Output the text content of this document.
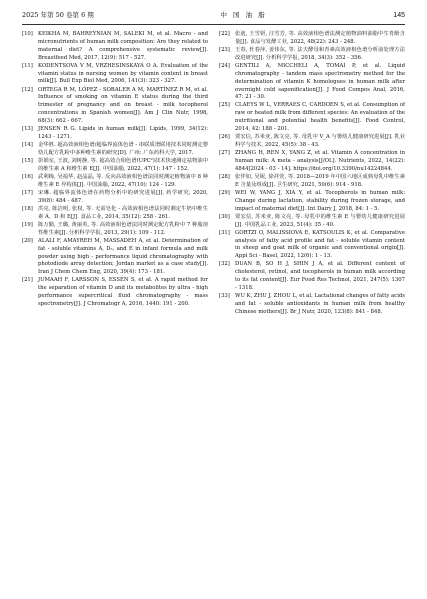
2025 年第 50 卷第 6 期	中 国 油 脂	145
[10] KEIKHA M, BAHREYNIAN M, SALEKI M, et al. Macro - and micronutrients of human milk composition: Are they related to maternal diet? A comprehensive systematic review[J]. Breastfeed Med, 2017, 12(9): 517 - 527.
[11] KODENTSOVA V M, VRZHESINSKAYA O A. Evaluation of the vitamin status in nursing women by vitamin content in breast milk[J]. Bull Exp Biol Med, 2006, 141(3): 323 - 327.
[12] ORTEGA R M, LÓPEZ - SOBALER A M, MARTÍNEZ R M, et al. Influence of smoking on vitamin E status during the third trimester of pregnancy and on breast - milk tocopherol concentrations in Spanish women[J]. Am J Clin Nutr, 1998, 68(3): 662 - 667.
[13] JENSEN R G. Lipids in human milk[J]. Lipids, 1999, 34(12): 1243 - 1271.
[14] 金华胜. 超高效液相色谱/超临界流体色谱 - 串联质谱联用技术同时测定婴幼儿配方乳粉中多种维生素的研究[D]. 广州: 广东药科大学, 2017.
[15] 彭娟室, 王波, 刘树静, 等. 超高效合相色谱(UPC²)技术快速测定祛物油中的维生素 A 和维生素 E[J]. 中国油脂, 2022, 47(1): 147 - 152.
[16] 武利梅, 吴福华, 赵晶晶, 等. 反向高效液相色谱法同时测定植物油中 8 种维生素 E 异构体[J]. 中国油脂, 2022, 47(10): 124 - 129.
[17] 宋琳. 超临界流体色谱在药物分析中的研究进展[J]. 药学研究, 2020, 39(8): 484 - 487.
[18] 洪亮, 陈洁明, 张权, 等. 无需皂化 - 高效液相色谱法同时测定牛奶中维生素 A、D 和 E[J]. 食品工业, 2014, 35(12): 258 - 261.
[19] 陈万勤, 王璐, 黄丽英, 等. 高效液相色谱法同时测定配方乳粉中 7 种脂溶性维生素[J]. 分析科学学报, 2013, 29(1): 109 - 112.
[20] ALALI F, AMAYREH M, MASSADEH A, et al. Determination of fat - soluble vitamins A, D₃, and E in infant formula and milk powder using high - performance liquid chromatography with photodiode array detection; Jordan market as a case study[J]. Iran J Chem Chem Eng, 2020, 39(4): 173 - 181.
[21] JUMAAH F, LARSSON S, ESSÉN S, et al. A rapid method for the separation of vitamin D and its metabolites by ultra - high performance supercritical fluid chromatography - mass spectrometry[J]. J Chromatogr A, 2016, 1440: 191 - 200.
[22] 张迪, 王雪妍, 汪雪芳, 等. 高效液相色谱法测定植物油料油脂中生育酚含量[J]. 食品与发酵工业, 2022, 48(22): 243 - 248.
[23] 王春, 杜春萍, 姜伟东, 等. 法夫酵母和青素高效液相色谱分析前处理方法改进研究[J]. 分析科学学报, 2018, 34(3): 352 - 356.
[24] GENTILI A, MICCHELI A, TOMAI P, et al. Liquid chromatography - tandem mass spectrometry method for the determination of vitamin K homologues in human milk after overnight cold saponification[J]. J Food Compos Anal, 2016, 47: 21 - 30.
[25] CLAEYS W L, VERRAES C, CARDOEN S, et al. Consumption of raw or heated milk from different species: An evaluation of the nutritional and potential health benefits[J]. Food Control, 2014, 42: 188 - 201.
[26] 贾宏信, 苏米亚, 陈文亮, 等. 母乳中 V_A 与婴幼儿健康研究进展[J]. 乳业科学与技术, 2022, 45(5): 38 - 43.
[27] ZHANG H, REN X, YANG Z, et al. Vitamin A concentration in human milk: A meta - analysis[J/OL]. Nutrients, 2022, 14(22): 4844[2024 - 03 - 14]. https://doi.org/10.3390/nu14224844.
[28] 张伴如, 吴妮, 徐祥萱, 等. 2018—2019 年中国六地区成熟母乳中维生素 E 含量及组成[J]. 卫生研究, 2021, 50(6): 914 - 918.
[29] WEI W, YANG J, XIA Y, et al. Tocopherols in human milk: Change during lactation, stability during frozen storage, and impact of maternal diet[J]. Int Dairy J, 2018, 84: 1 - 5.
[30] 贾宏信, 苏米亚, 陈文亮, 等. 母乳中的维生素 E 与婴幼儿健康研究进展[J]. 中国乳品工业, 2023, 51(4): 35 - 40.
[31] GORTZI O, MALISSIOVA E, KATSOULIS K, et al. Comparative analysis of fatty acid profile and fat - soluble vitamin content in sheep and goat milk of organic and conventional origin[J]. Appl Sci - Basel, 2022, 12(6): 1 - 13.
[32] DUAN B, SO H J, SHIN J A, et al. Different content of cholesterol, retinol, and tocopherols in human milk according to its fat content[J]. Eur Food Res Technol, 2021, 247(5): 1307 - 1318.
[33] WU K, ZHU J, ZHOU L, et al. Lactational changes of fatty acids and fat - soluble antioxidants in human milk from healthy Chinese mothers[J]. Br J Nutr, 2020, 123(8): 841 - 848.
